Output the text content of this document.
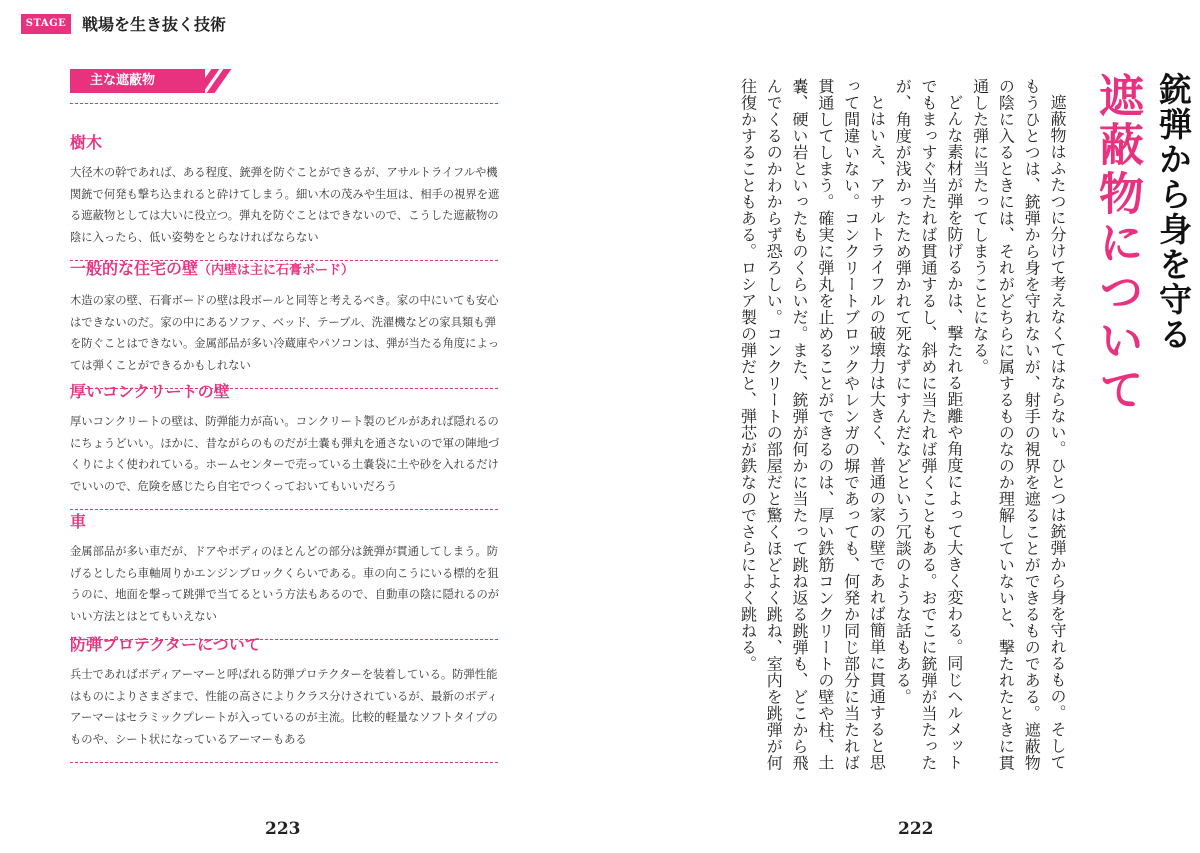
STAGE 5
戦場を生き抜く技術
主な遮蔽物
樹木

大径木の幹であれば、ある程度、銃弾を防ぐことができるが、アサルトライフルや機関銃で何発も撃ち込まれると砕けてしまう。細い木の茂みや生垣は、相手の視界を遮る遮蔽物としては大いに役立つ。弾丸を防ぐことはできないので、こうした遮蔽物の陰に入ったら、低い姿勢をとらなければならない

一般的な住宅の壁（内壁は主に石膏ボード）

木造の家の壁、石膏ボードの壁は段ボールと同等と考えるべき。家の中にいても安心はできないのだ。家の中にあるソファ、ベッド、テーブル、洗濯機などの家具類も弾を防ぐことはできない。金属部品が多い冷蔵庫やパソコンは、弾が当たる角度によっては弾くことができるかもしれない

厚いコンクリートの壁

厚いコンクリートの壁は、防弾能力が高い。コンクリート製のビルがあれば隠れるのにちょうどいい。ほかに、昔ながらのものだが土嚢も弾丸を通さないので軍の陣地づくりによく使われている。ホームセンターで売っている土嚢袋に土や砂を入れるだけでいいので、危険を感じたら自宅でつくっておいてもいいだろう

車

金属部品が多い車だが、ドアやボディのほとんどの部分は銃弾が貫通してしまう。防げるとしたら車軸周りかエンジンブロックくらいである。車の向こうにいる標的を狙うのに、地面を撃って跳弾で当てるという方法もあるので、自動車の陰に隠れるのがいい方法とはとてもいえない

防弾プロテクターについて

兵士であればボディアーマーと呼ばれる防弾プロテクターを装着している。防弾性能はものによりさまざまで、性能の高さによりクラス分けされているが、最新のボディアーマーはセラミックプレートが入っているのが主流。比較的軽量なソフトタイプのものや、シート状になっているアーマーもある

223
銃弾から身を守る
遮蔽物について

遮蔽物はふたつに分けて考えなくてはならない。ひとつは銃弾から身を守れるもの。そしてもうひとつは、銃弾から身を守れないが、射手の視界を遮ることができるものである。遮蔽物の陰に入るときには、それがどちらに属するものなのか理解していないと、撃たれたときに貫通した弾に当たってしまうことになる。

どんな素材が弾を防げるかは、撃たれる距離や角度によって大きく変わる。同じヘルメットでもまっすぐ当たれば貫通するし、斜めに当たれば弾くこともある。おでこに銃弾が当たったが、角度が浅かったため弾かれて死なずにすんだなどという冗談のような話もある。

とはいえ、アサルトライフルの破壊力は大きく、普通の家の壁であれば簡単に貫通すると思って間違いない。コンクリートブロックやレンガの塀であっても、何発か同じ部分に当たれば貫通してしまう。確実に弾丸を止めることができるのは、厚い鉄筋コンクリートの壁や柱、土嚢、硬い岩といったものくらいだ。また、銃弾が何かに当たって跳ね返る跳弾も、どこから飛んでくるのかわからず恐ろしい。コンクリートの部屋だと驚くほどよく跳ね、室内を跳弾が何往復かすることもある。ロシア製の弾だと、弾芯が鉄なのでさらによく跳ねる。

222
